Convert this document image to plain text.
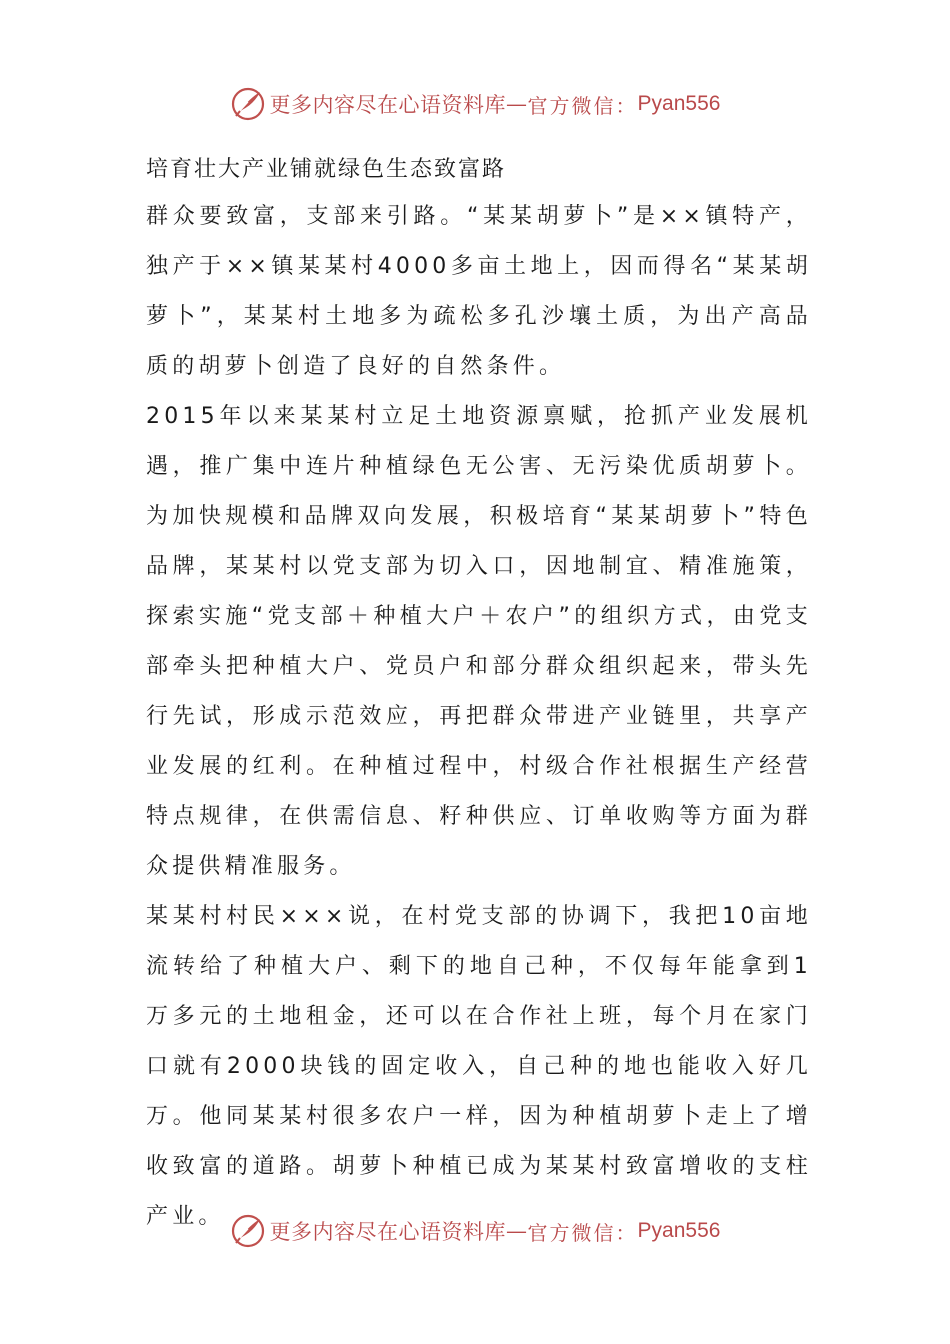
更多内容尽在心语资料库 — 官方微信： Pyan556

培育壮大产业铺就绿色生态致富路

群众要致富，支部来引路。“某某胡萝卜”是××镇特产，独产于××镇某某村4000多亩土地上，因而得名“某某胡萝卜”，某某村土地多为疏松多孔沙壤土质，为出产高品质的胡萝卜创造了良好的自然条件。

2015年以来某某村立足土地资源禀赋，抢抓产业发展机遇，推广集中连片种植绿色无公害、无污染优质胡萝卜。为加快规模和品牌双向发展，积极培育“某某胡萝卜”特色品牌，某某村以党支部为切入口，因地制宜、精准施策，探索实施“党支部＋种植大户＋农户”的组织方式，由党支部牵头把种植大户、党员户和部分群众组织起来，带头先行先试，形成示范效应，再把群众带进产业链里，共享产业发展的红利。在种植过程中，村级合作社根据生产经营特点规律，在供需信息、籽种供应、订单收购等方面为群众提供精准服务。

某某村村民×××说，在村党支部的协调下，我把10亩地流转给了种植大户、剩下的地自己种，不仅每年能拿到1万多元的土地租金，还可以在合作社上班，每个月在家门口就有2000块钱的固定收入，自己种的地也能收入好几万。他同某某村很多农户一样，因为种植胡萝卜走上了增收致富的道路。胡萝卜种植已成为某某村致富增收的支柱产业。

更多内容尽在心语资料库 — 官方微信： Pyan556
